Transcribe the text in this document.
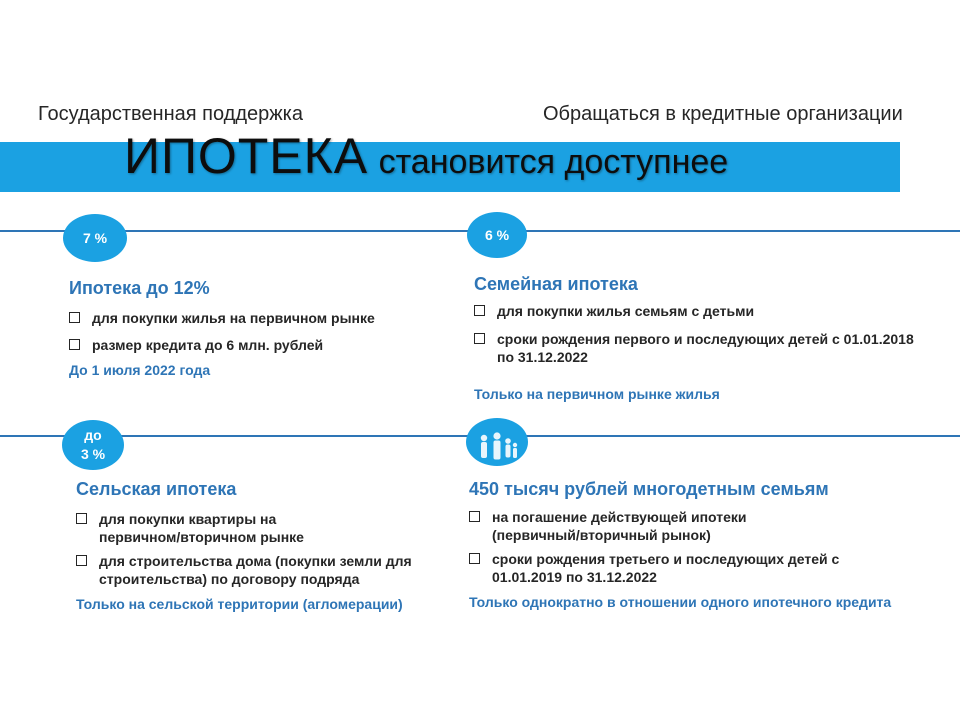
Государственная поддержка	Обращаться в кредитные организации
ИПОТЕКА становится доступнее
7 %
Ипотека до 12%
для покупки жилья на первичном рынке
размер кредита до 6 млн. рублей
До 1 июля 2022 года
6 %
Семейная ипотека
для покупки жилья семьям с детьми
сроки рождения первого и последующих детей с 01.01.2018 по 31.12.2022
Только на первичном рынке жилья
до
3 %
Сельская ипотека
для покупки квартиры на первичном/вторичном рынке
для строительства дома (покупки земли для строительства) по договору подряда
Только на сельской территории (агломерации)
450 тысяч рублей многодетным семьям
на погашение действующей ипотеки (первичный/вторичный рынок)
сроки рождения третьего и последующих детей с 01.01.2019 по 31.12.2022
Только однократно в отношении одного ипотечного кредита
